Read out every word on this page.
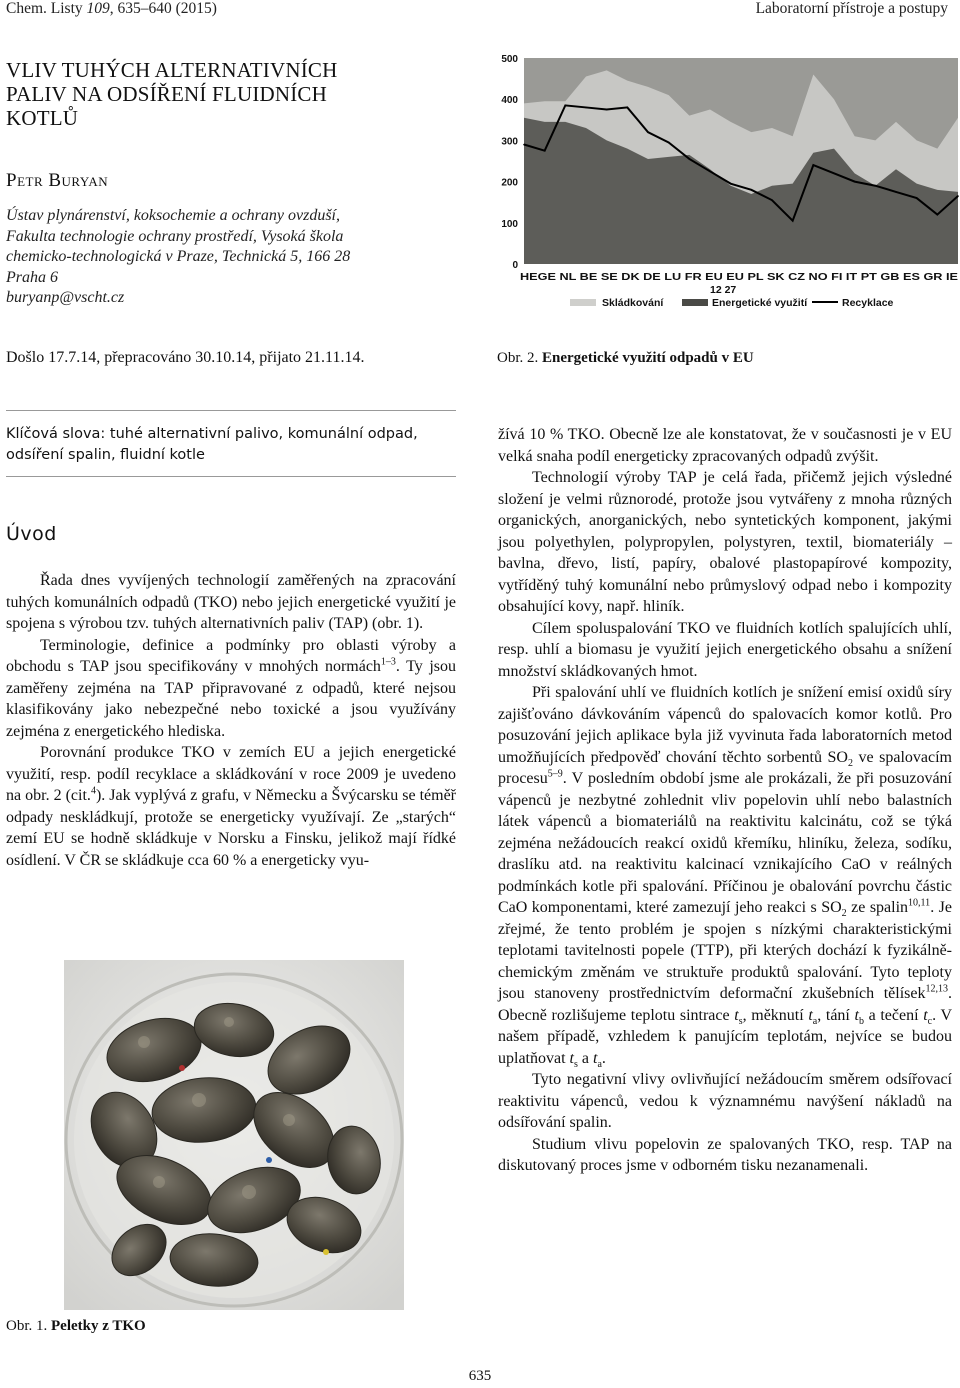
Chem. Listy 109, 635–640 (2015)	Laboratorní přístroje a postupy
VLIV TUHÝCH ALTERNATIVNÍCH
PALIV NA ODSÍŘENÍ FLUIDNÍCH
KOTLŮ
Petr Buryan
Ústav plynárenství, koksochemie a ochrany ovzduší,
Fakulta technologie ochrany prostředí, Vysoká škola
chemicko-technologická v Praze, Technická 5, 166 28
Praha 6
buryanp@vscht.cz
Došlo 17.7.14, přepracováno 30.10.14, přijato 21.11.14.
500
400
300
200
100
0
HEGE NL BE SE DK DE LU FR EU EU PL SK CZ NO FI IT PT GB ES GR IE
12 27
Skládkování	Energetické využití	Recyklace
Obr. 2. Energetické využití odpadů v EU
Klíčová slova: tuhé alternativní palivo, komunální odpad,
odsíření spalin, fluidní kotle
Úvod

Řada dnes vyvíjených technologií zaměřených na zpracování tuhých komunálních odpadů (TKO) nebo jejich energetické využití je spojena s výrobou tzv. tuhých alternativních paliv (TAP) (obr. 1).

Terminologie, definice a podmínky pro oblasti výroby a obchodu s TAP jsou specifikovány v mnohých normách$^{1-3}$. Ty jsou zaměřeny zejména na TAP připravované z odpadů, které nejsou klasifikovány jako nebezpečné nebo toxické a jsou využívány zejména z energetického hlediska.

Porovnání produkce TKO v zemích EU a jejich energetické využití, resp. podíl recyklace a skládkování v roce 2009 je uvedeno na obr. 2 (cit.$^4$). Jak vyplývá z grafu, v Německu a Švýcarsku se téměř odpady neskládkují, protože se energeticky využívají. Ze „starých“ zemí EU se hodně skládkuje v Norsku a Finsku, jelikož mají řídké osídlení. V ČR se skládkuje cca 60 % a energeticky vyu-

Obr. 1. Peletky z TKO

žívá 10 % TKO. Obecně lze ale konstatovat, že v současnosti je v EU velká snaha podíl energeticky zpracovaných odpadů zvýšit.

Technologií výroby TAP je celá řada, přičemž jejich výsledné složení je velmi různorodé, protože jsou vytvářeny z mnoha různých organických, anorganických, nebo syntetických komponent, jakými jsou polyethylen, polypropylen, polystyren, textil, biomateriály – bavlna, dřevo, listí, papíry, obalové plastopapírové kompozity, vytříděný tuhý komunální nebo průmyslový odpad nebo i kompozity obsahující kovy, např. hliník.

Cílem spoluspalování TKO ve fluidních kotlích spalujících uhlí, resp. uhlí a biomasu je využití jejich energetického obsahu a snížení množství skládkovaných hmot.

Při spalování uhlí ve fluidních kotlích je snížení emisí oxidů síry zajišťováno dávkováním vápenců do spalovacích komor kotlů. Pro posuzování jejich aplikace byla již vyvinuta řada laboratorních metod umožňujících předpověď chování těchto sorbentů $SO_2$ ve spalovacím procesu$^{5-9}$. V posledním období jsme ale prokázali, že při posuzování vápenců je nezbytné zohlednit vliv popelovin uhlí nebo balastních látek vápenců a biomateriálů na reaktivitu kalcinátu, což se týká zejména nežádoucích reakcí oxidů křemíku, hliníku, železa, sodíku, draslíku atd. na reaktivitu kalcinací vznikajícího CaO v reálných podmínkách kotle při spalování. Příčinou je obalování povrchu částic CaO komponentami, které zamezují jeho reakci s $SO_2$ ze spalin$^{10,11}$. Je zřejmé, že tento problém je spojen s nízkými charakteristickými teplotami tavitelnosti popele (TTP), při kterých dochází k fyzikálně-chemickým změnám ve struktuře produktů spalování. Tyto teploty jsou stanoveny prostřednictvím deformační zkušebních tělísek$^{12,13}$. Obecně rozlišujeme teplotu sintrace $t_s$, měknutí $t_a$, tání $t_b$ a tečení $t_c$. V našem případě, vzhledem k panujícím teplotám, nejvíce se budou uplatňovat $t_s$ a $t_a$.

Tyto negativní vlivy ovlivňující nežádoucím směrem odsířovací reaktivitu vápenců, vedou k významnému navýšení nákladů na odsířování spalin.

Studium vlivu popelovin ze spalovaných TKO, resp. TAP na diskutovaný proces jsme v odborném tisku nezanamenali.

635
